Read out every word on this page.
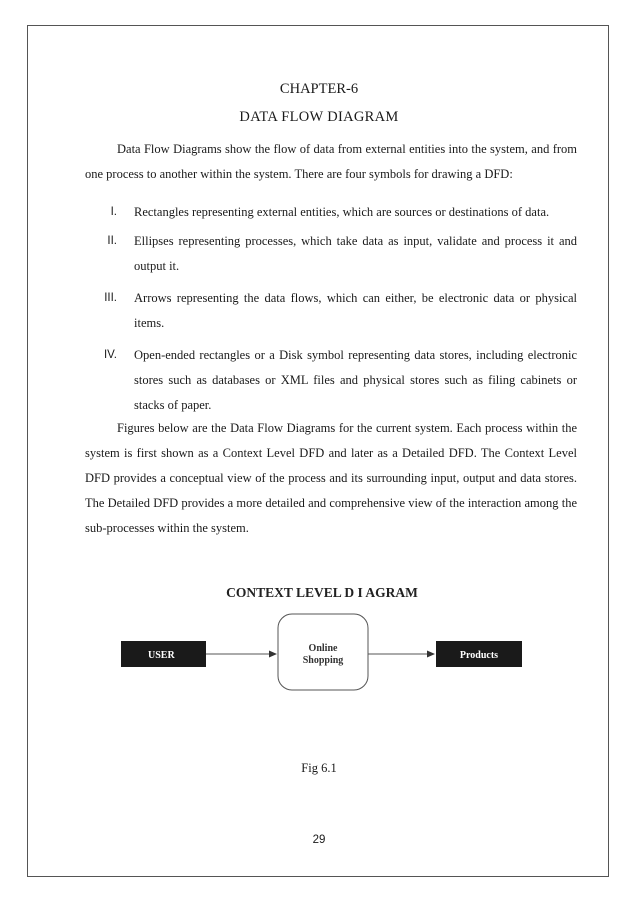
CHAPTER-6
DATA FLOW DIAGRAM

Data Flow Diagrams show the flow of data from external entities into the system, and from one process to another within the system. There are four symbols for drawing a DFD:

I. Rectangles representing external entities, which are sources or destinations of data.
II. Ellipses representing processes, which take data as input, validate and process it and output it.
III. Arrows representing the data flows, which can either, be electronic data or physical items.
IV. Open-ended rectangles or a Disk symbol representing data stores, including electronic stores such as databases or XML files and physical stores such as filing cabinets or stacks of paper.

Figures below are the Data Flow Diagrams for the current system. Each process within the system is first shown as a Context Level DFD and later as a Detailed DFD. The Context Level DFD provides a conceptual view of the process and its surrounding input, output and data stores. The Detailed DFD provides a more detailed and comprehensive view of the interaction among the sub-processes within the system.

CONTEXT LEVEL D I AGRAM
USER
Online
Shopping	Products
Fig 6.1
29
